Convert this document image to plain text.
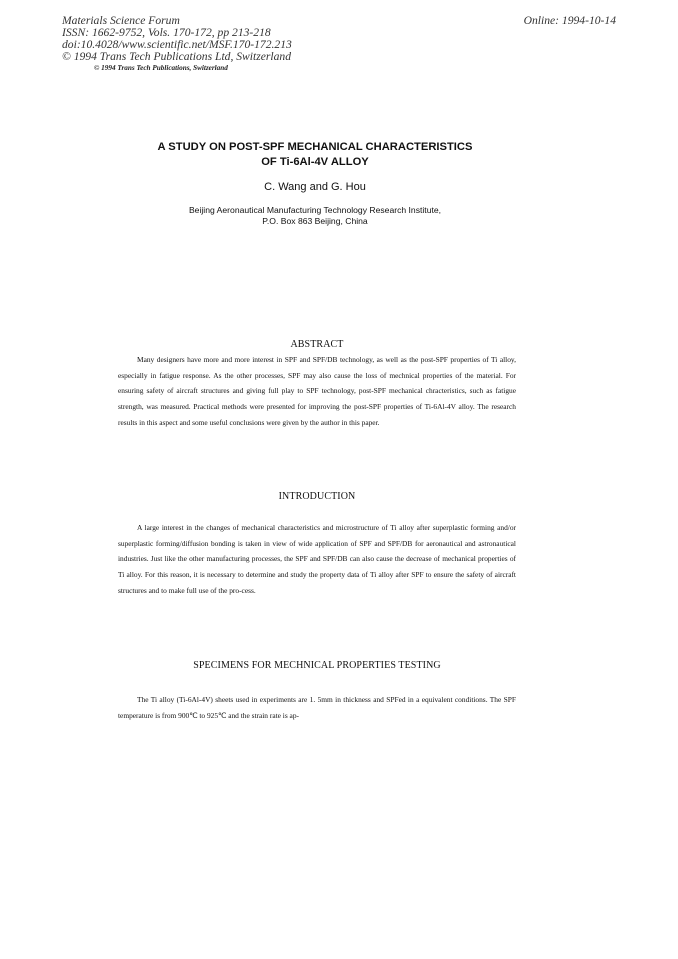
Materials Science Forum
ISSN: 1662-9752, Vols. 170-172, pp 213-218
doi:10.4028/www.scientific.net/MSF.170-172.213
© 1994 Trans Tech Publications Ltd, Switzerland
© 1994 Trans Tech Publications, Switzerland
Online: 1994-10-14
A STUDY ON POST-SPF MECHANICAL CHARACTERISTICS
OF Ti-6Al-4V ALLOY
C. Wang and G. Hou
Beijing Aeronautical Manufacturing Technology Research Institute,
P.O. Box 863 Beijing, China
ABSTRACT

Many designers have more and more interest in SPF and SPF/DB technology, as well as the post-SPF properties of Ti alloy, especially in fatigue response. As the other processes, SPF may also cause the loss of mechnical properties of the material. For ensuring safety of aircraft structures and giving full play to SPF technology, post-SPF mechanical chracteristics, such as fatigue strength, was measured. Practical methods were presented for improving the post-SPF properties of Ti-6Al-4V alloy. The research results in this aspect and some useful conclusions were given by the author in this paper.

INTRODUCTION

A large interest in the changes of mechanical characteristics and microstructure of Ti alloy after superplastic forming and/or superplastic forming/diffusion bonding is taken in view of wide application of SPF and SPF/DB for aeronautical and astronautical industries. Just like the other manufacturing processes, the SPF and SPF/DB can also cause the decrease of mechanical properties of Ti alloy. For this reason, it is necessary to determine and study the property data of Ti alloy after SPF to ensure the safety of aircraft structures and to make full use of the pro-cess.

SPECIMENS FOR MECHNICAL PROPERTIES TESTING

The Ti alloy (Ti-6Al-4V) sheets used in experiments are 1. 5mm in thickness and SPFed in a equivalent conditions. The SPF temperature is from 900℃ to 925℃ and the strain rate is ap-
